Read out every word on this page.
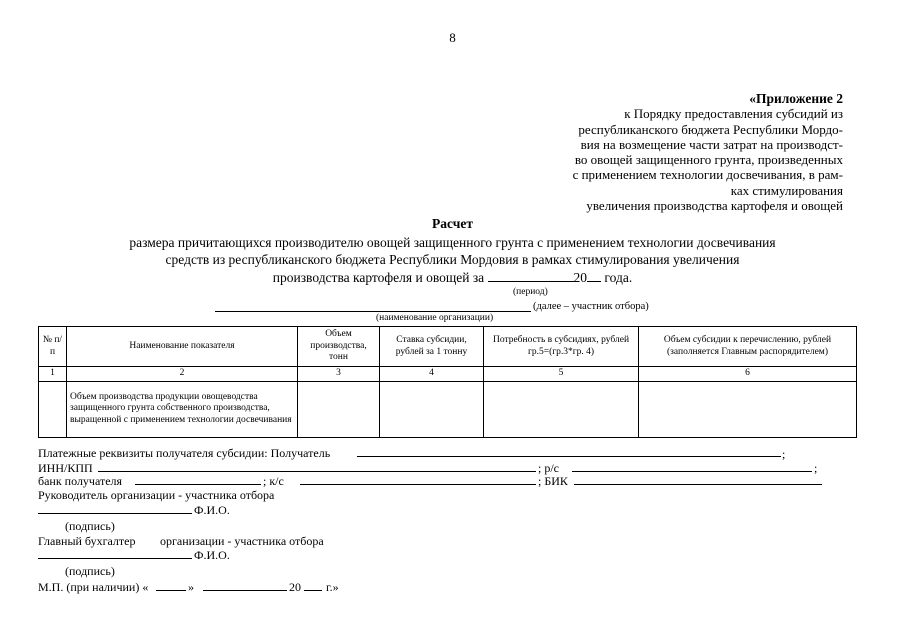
8
«Приложение 2
к Порядку предоставления субсидий из
республиканского бюджета Республики Мордо-
вия на возмещение части затрат на производст-
во овощей защищенного грунта, произведенных
с применением технологии досвечивания, в рам-
ках стимулирования
увеличения производства картофеля и овощей
Расчет
размера причитающихся производителю овощей защищенного грунта с применением технологии досвечивания
средств из республиканского бюджета Республики Мордовия в рамках стимулирования увеличения
производства картофеля и овощей за	20 года.
(период)
(далее – участник отбора)
(наименование организации)
№ п/п	Наименование показателя	Объем производства, тонн	Ставка субсидии, рублей за 1 тонну	Потребность в субсидиях, рублей гр.5=(гр.3*гр. 4)	Объем субсидии к перечислению, рублей (заполняется Главным распорядителем)
1	2	3	4	5	6
	Объем производства продукции овощеводства защищенного грунта собственного производства, выращенной с применением технологии досвечивания				
Платежные реквизиты получателя субсидии: Получатель	;
ИНН/КПП	; р/с	;
банк получателя	; к/с	; БИК
Руководитель организации - участника отбора
Ф.И.О.
(подпись)
Главный бухгалтер организации - участника отбора
Ф.И.О.
(подпись)
М.П. (при наличии) «	»	20 г.»
